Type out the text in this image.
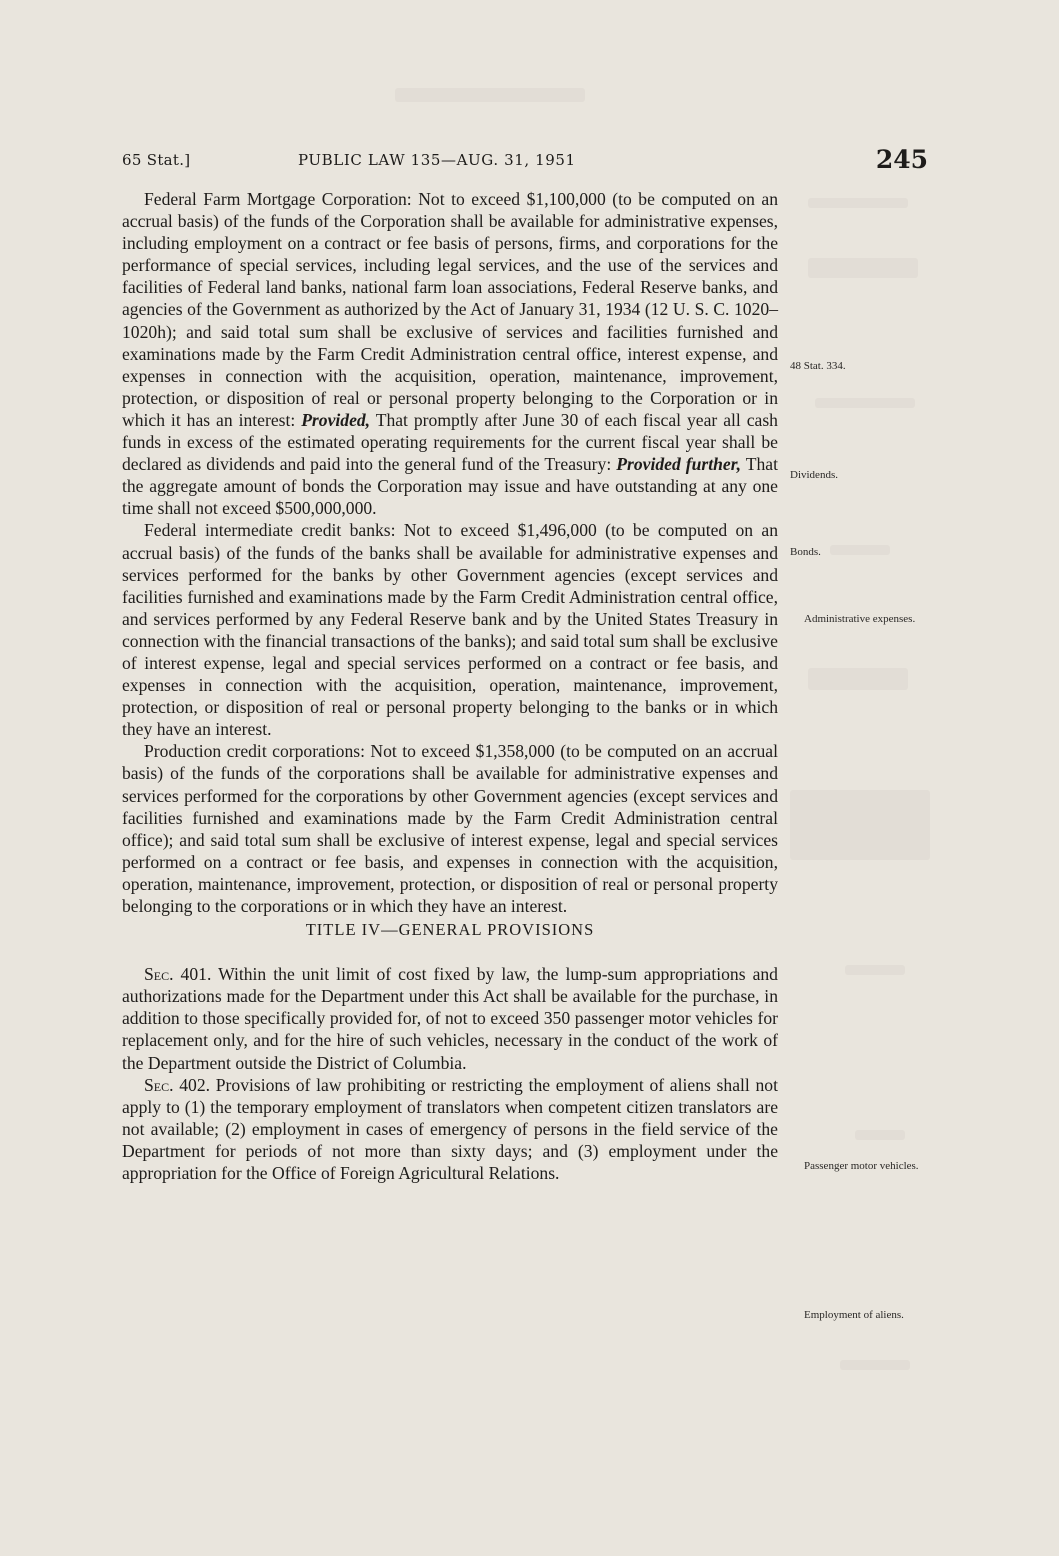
65 Stat.]	PUBLIC LAW 135—AUG. 31, 1951	245

Federal Farm Mortgage Corporation: Not to exceed $1,100,000 (to be computed on an accrual basis) of the funds of the Corporation shall be available for administrative expenses, including employment on a contract or fee basis of persons, firms, and corporations for the performance of special services, including legal services, and the use of the services and facilities of Federal land banks, national farm loan associations, Federal Reserve banks, and agencies of the Government as authorized by the Act of January 31, 1934 (12 U. S. C. 1020–1020h); and said total sum shall be exclusive of services and facilities furnished and examinations made by the Farm Credit Administration central office, interest expense, and expenses in connection with the acquisition, operation, maintenance, improvement, protection, or disposition of real or personal property belonging to the Corporation or in which it has an interest: Provided, That promptly after June 30 of each fiscal year all cash funds in excess of the estimated operating requirements for the current fiscal year shall be declared as dividends and paid into the general fund of the Treasury: Provided further, That the aggregate amount of bonds the Corporation may issue and have outstanding at any one time shall not exceed $500,000,000.

Federal intermediate credit banks: Not to exceed $1,496,000 (to be computed on an accrual basis) of the funds of the banks shall be available for administrative expenses and services performed for the banks by other Government agencies (except services and facilities furnished and examinations made by the Farm Credit Administration central office, and services performed by any Federal Reserve bank and by the United States Treasury in connection with the financial transactions of the banks); and said total sum shall be exclusive of interest expense, legal and special services performed on a contract or fee basis, and expenses in connection with the acquisition, operation, maintenance, improvement, protection, or disposition of real or personal property belonging to the banks or in which they have an interest.

Production credit corporations: Not to exceed $1,358,000 (to be computed on an accrual basis) of the funds of the corporations shall be available for administrative expenses and services performed for the corporations by other Government agencies (except services and facilities furnished and examinations made by the Farm Credit Administration central office); and said total sum shall be exclusive of interest expense, legal and special services performed on a contract or fee basis, and expenses in connection with the acquisition, operation, maintenance, improvement, protection, or disposition of real or personal property belonging to the corporations or in which they have an interest.

TITLE IV—GENERAL PROVISIONS

Sec. 401. Within the unit limit of cost fixed by law, the lump-sum appropriations and authorizations made for the Department under this Act shall be available for the purchase, in addition to those specifically provided for, of not to exceed 350 passenger motor vehicles for replacement only, and for the hire of such vehicles, necessary in the conduct of the work of the Department outside the District of Columbia.

Sec. 402. Provisions of law prohibiting or restricting the employment of aliens shall not apply to (1) the temporary employment of translators when competent citizen translators are not available; (2) employment in cases of emergency of persons in the field service of the Department for periods of not more than sixty days; and (3) employment under the appropriation for the Office of Foreign Agricultural Relations.

48 Stat. 334.
Dividends.
Bonds.
Administrative expenses.
Passenger motor vehicles.
Employment of aliens.
